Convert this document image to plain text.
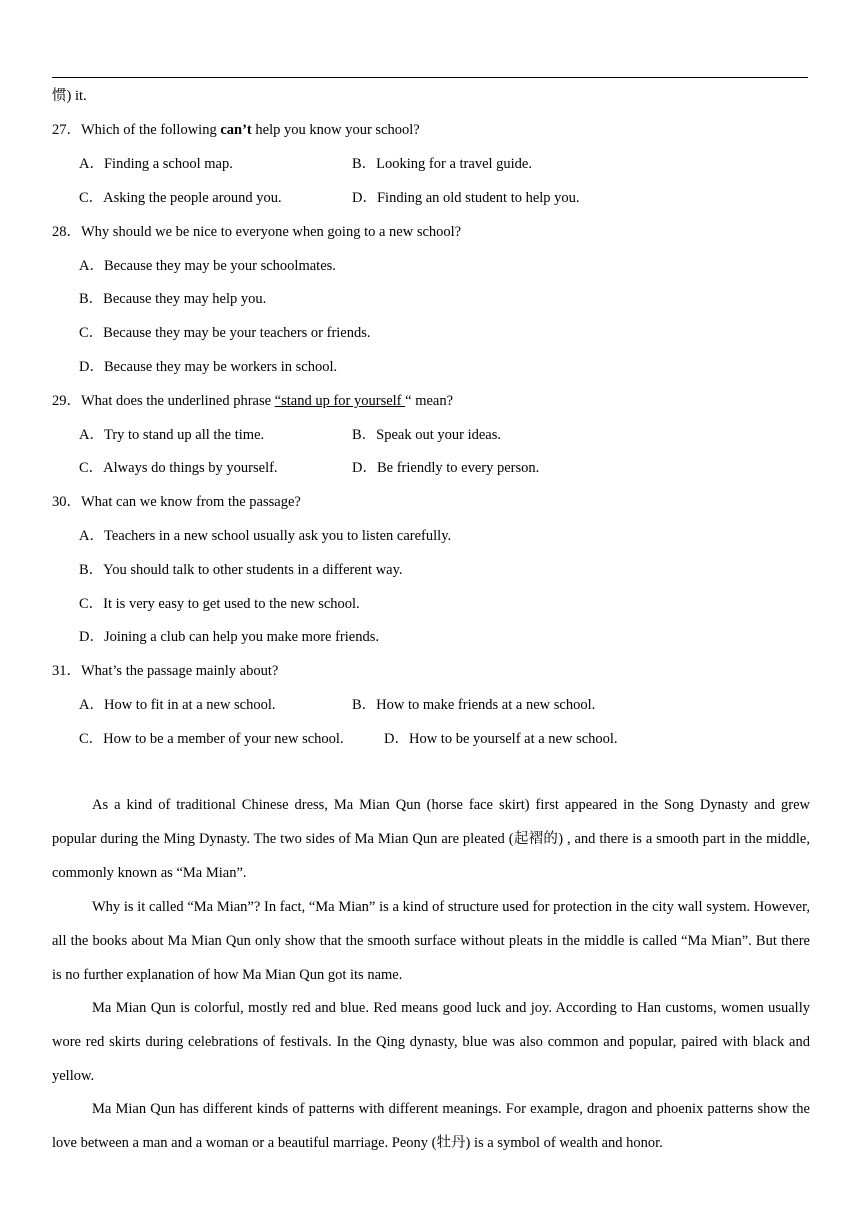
惯) it.
27．Which of the following can’t help you know your school?
A．Finding a school map.	B．Looking for a travel guide.
C．Asking the people around you.	D．Finding an old student to help you.
28．Why should we be nice to everyone when going to a new school?
A．Because they may be your schoolmates.
B．Because they may help you.
C．Because they may be your teachers or friends.
D．Because they may be workers in school.
29．What does the underlined phrase “stand up for yourself “ mean?
A．Try to stand up all the time.	B．Speak out your ideas.
C．Always do things by yourself.	D．Be friendly to every person.
30．What can we know from the passage?
A．Teachers in a new school usually ask you to listen carefully.
B．You should talk to other students in a different way.
C．It is very easy to get used to the new school.
D．Joining a club can help you make more friends.
31．What’s the passage mainly about?
A．How to fit in at a new school.	B．How to make friends at a new school.
C．How to be a member of your new school.	D．How to be yourself at a new school.

As a kind of traditional Chinese dress, Ma Mian Qun (horse face skirt) first appeared in the Song Dynasty and grew popular during the Ming Dynasty. The two sides of Ma Mian Qun are pleated (起褶的) , and there is a smooth part in the middle, commonly known as “Ma Mian”.

Why is it called “Ma Mian”? In fact, “Ma Mian” is a kind of structure used for protection in the city wall system. However, all the books about Ma Mian Qun only show that the smooth surface without pleats in the middle is called “Ma Mian”. But there is no further explanation of how Ma Mian Qun got its name.

Ma Mian Qun is colorful, mostly red and blue. Red means good luck and joy. According to Han customs, women usually wore red skirts during celebrations of festivals. In the Qing dynasty, blue was also common and popular, paired with black and yellow.

Ma Mian Qun has different kinds of patterns with different meanings. For example, dragon and phoenix patterns show the love between a man and a woman or a beautiful marriage. Peony (牡丹) is a symbol of wealth and honor.
